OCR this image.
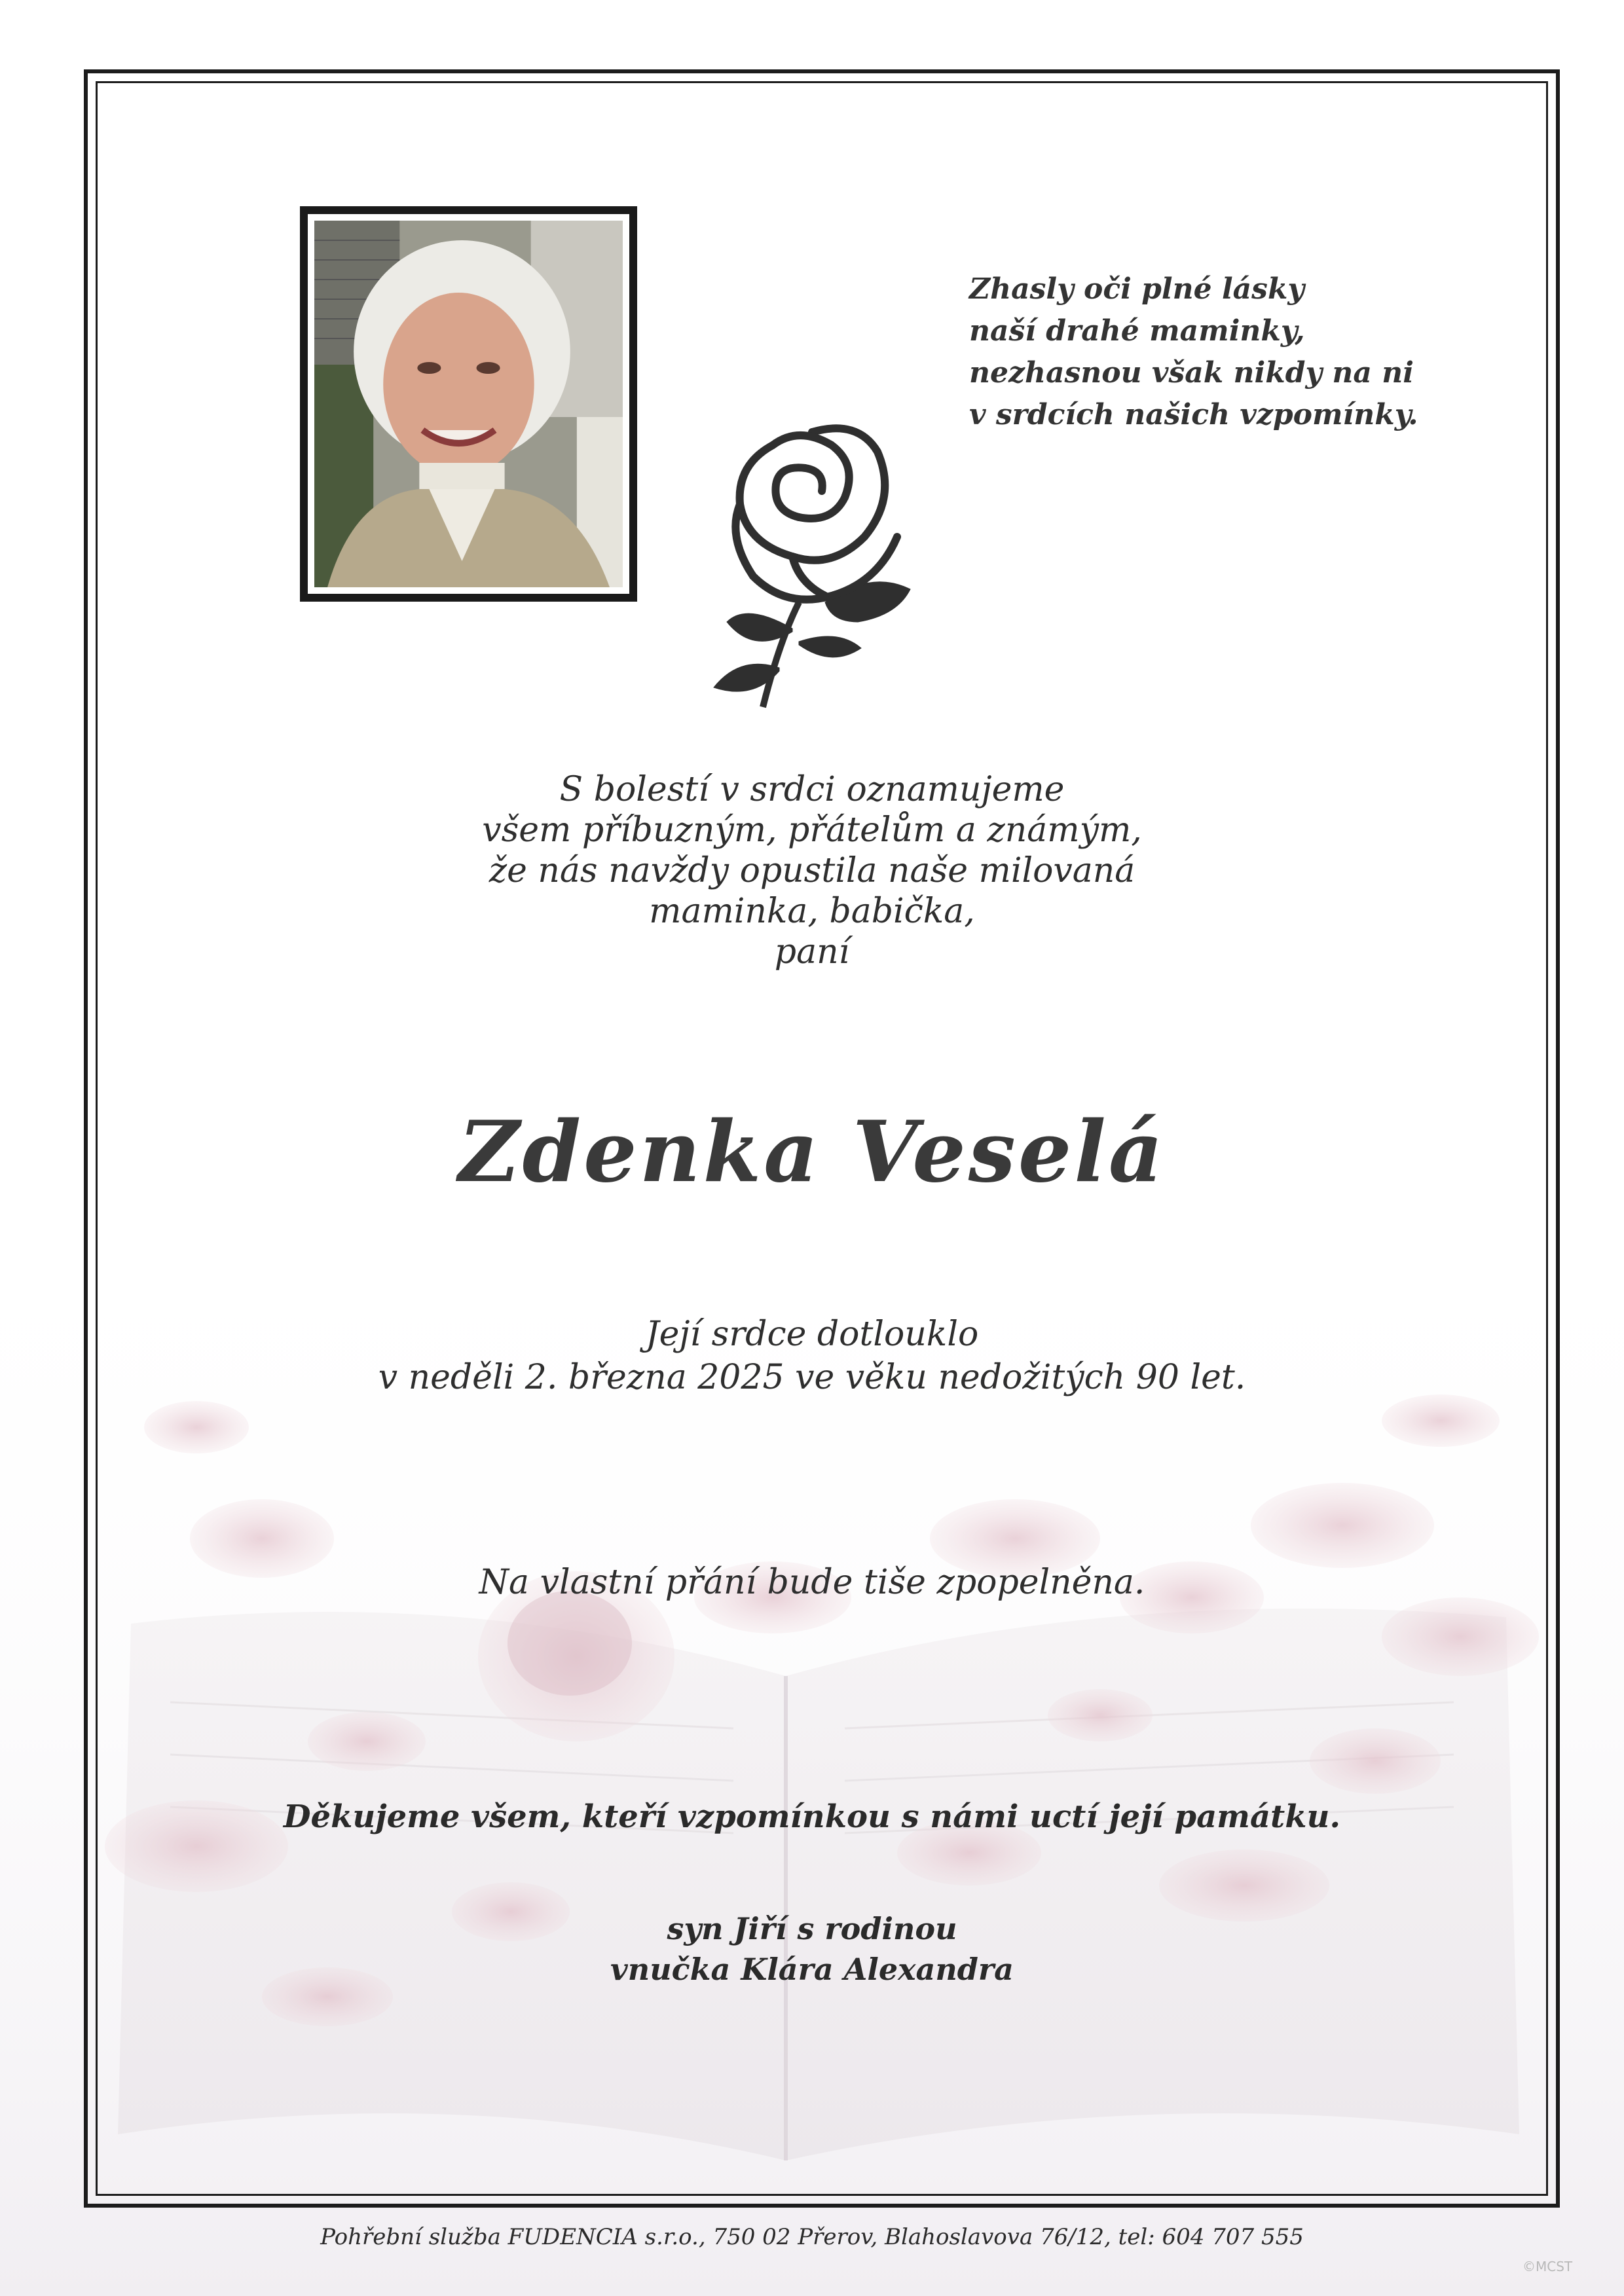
Zhasly oči plné lásky
naší drahé maminky,
nezhasnou však nikdy na ni
v srdcích našich vzpomínky.
S bolestí v srdci oznamujeme
všem příbuzným, přátelům a známým,
že nás navždy opustila naše milovaná
maminka, babička,
paní
Zdenka Veselá
Její srdce dotlouklo
v neděli 2. března 2025 ve věku nedožitých 90 let.
Na vlastní přání bude tiše zpopelněna.
Děkujeme všem, kteří vzpomínkou s námi uctí její památku.
syn Jiří s rodinou
vnučka Klára Alexandra
Pohřební služba FUDENCIA s.r.o., 750 02 Přerov, Blahoslavova 76/12, tel: 604 707 555
©MCST
